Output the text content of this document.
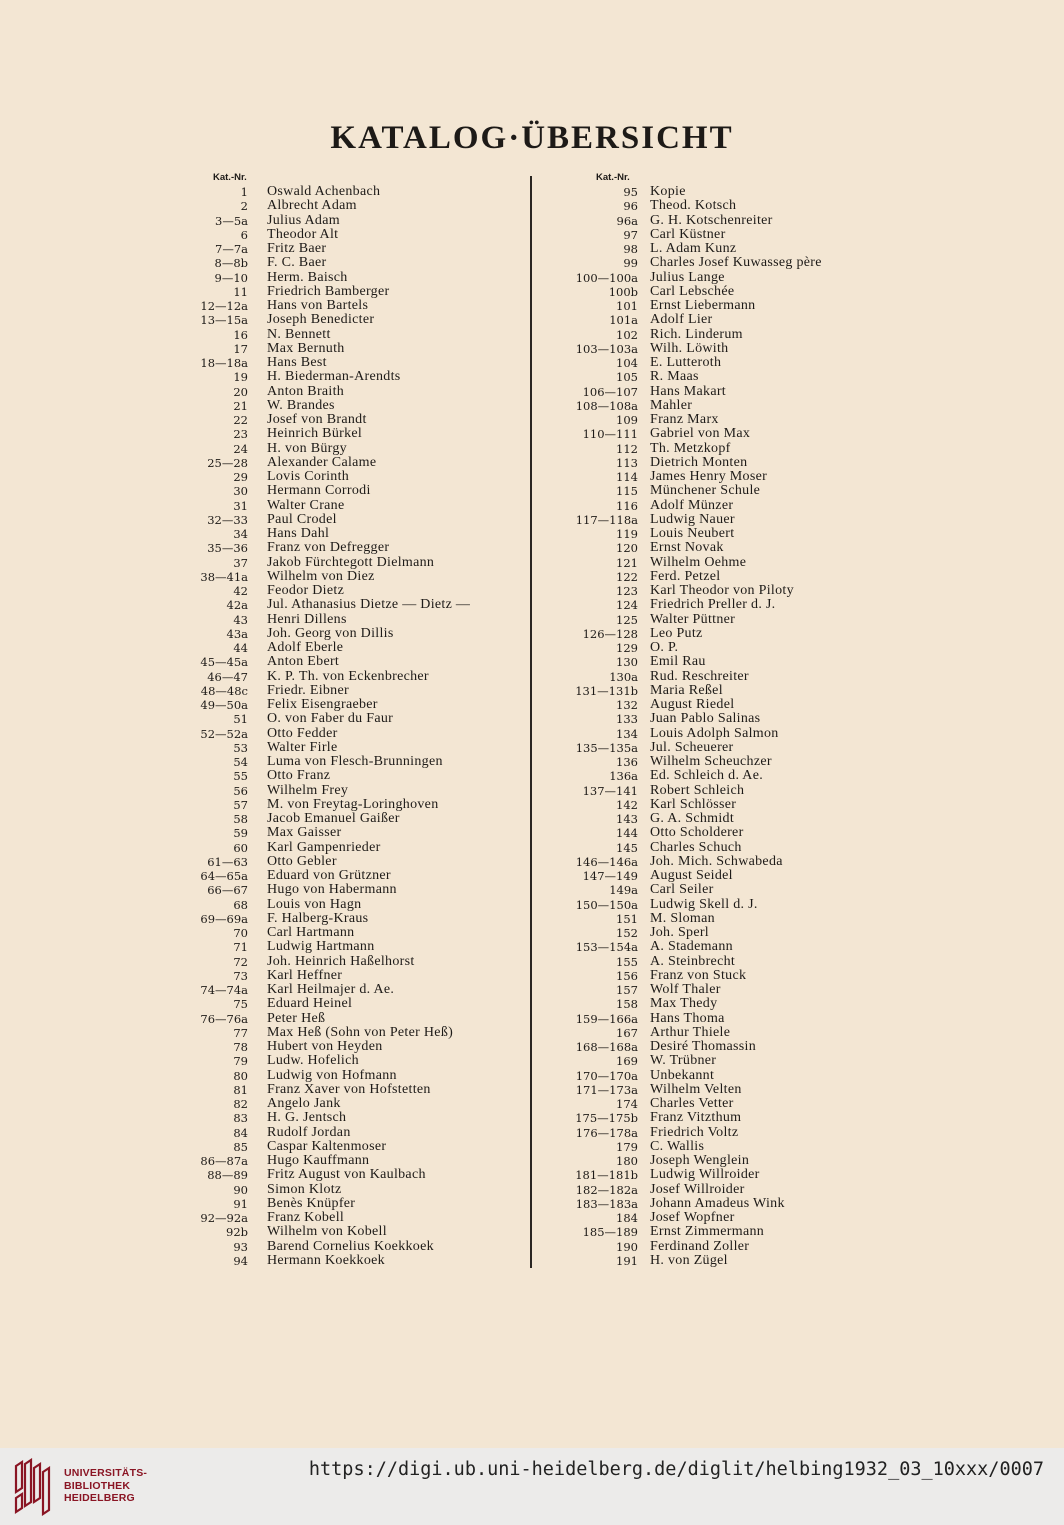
KATALOG·ÜBERSICHT
Kat.-Nr.
1	Oswald Achenbach
2	Albrecht Adam
3—5a	Julius Adam
6	Theodor Alt
7—7a	Fritz Baer
8—8b	F. C. Baer
9—10	Herm. Baisch
11	Friedrich Bamberger
12—12a	Hans von Bartels
13—15a	Joseph Benedicter
16	N. Bennett
17	Max Bernuth
18—18a	Hans Best
19	H. Biederman-Arendts
20	Anton Braith
21	W. Brandes
22	Josef von Brandt
23	Heinrich Bürkel
24	H. von Bürgy
25—28	Alexander Calame
29	Lovis Corinth
30	Hermann Corrodi
31	Walter Crane
32—33	Paul Crodel
34	Hans Dahl
35—36	Franz von Defregger
37	Jakob Fürchtegott Dielmann
38—41a	Wilhelm von Diez
42	Feodor Dietz
42a	Jul. Athanasius Dietze — Dietz —
43	Henri Dillens
43a	Joh. Georg von Dillis
44	Adolf Eberle
45—45a	Anton Ebert
46—47	K. P. Th. von Eckenbrecher
48—48c	Friedr. Eibner
49—50a	Felix Eisengraeber
51	O. von Faber du Faur
52—52a	Otto Fedder
53	Walter Firle
54	Luma von Flesch-Brunningen
55	Otto Franz
56	Wilhelm Frey
57	M. von Freytag-Loringhoven
58	Jacob Emanuel Gaißer
59	Max Gaisser
60	Karl Gampenrieder
61—63	Otto Gebler
64—65a	Eduard von Grützner
66—67	Hugo von Habermann
68	Louis von Hagn
69—69a	F. Halberg-Kraus
70	Carl Hartmann
71	Ludwig Hartmann
72	Joh. Heinrich Haßelhorst
73	Karl Heffner
74—74a	Karl Heilmajer d. Ae.
75	Eduard Heinel
76—76a	Peter Heß
77	Max Heß (Sohn von Peter Heß)
78	Hubert von Heyden
79	Ludw. Hofelich
80	Ludwig von Hofmann
81	Franz Xaver von Hofstetten
82	Angelo Jank
83	H. G. Jentsch
84	Rudolf Jordan
85	Caspar Kaltenmoser
86—87a	Hugo Kauffmann
88—89	Fritz August von Kaulbach
90	Simon Klotz
91	Benès Knüpfer
92—92a	Franz Kobell
92b	Wilhelm von Kobell
93	Barend Cornelius Koekkoek
94	Hermann Koekkoek
Kat.-Nr.
95 Kopie
96 Theod. Kotsch
96a G. H. Kotschenreiter
97 Carl Küstner
98 L. Adam Kunz
99 Charles Josef Kuwasseg père
100—100a Julius Lange
100b Carl Lebschée
101 Ernst Liebermann
101a Adolf Lier
102 Rich. Linderum
103—103a Wilh. Löwith
104 E. Lutteroth
105 R. Maas
106—107 Hans Makart
108—108a Mahler
109 Franz Marx
110—111 Gabriel von Max
112 Th. Metzkopf
113 Dietrich Monten
114 James Henry Moser
115 Münchener Schule
116 Adolf Münzer
117—118a Ludwig Nauer
119 Louis Neubert
120 Ernst Novak
121 Wilhelm Oehme
122 Ferd. Petzel
123 Karl Theodor von Piloty
124 Friedrich Preller d. J.
125 Walter Püttner
126—128 Leo Putz
129 O. P.
130 Emil Rau
130a Rud. Reschreiter
131—131b Maria Reßel
132 August Riedel
133 Juan Pablo Salinas
134 Louis Adolph Salmon
135—135a Jul. Scheuerer
136 Wilhelm Scheuchzer
136a Ed. Schleich d. Ae.
137—141 Robert Schleich
142 Karl Schlösser
143 G. A. Schmidt
144 Otto Scholderer
145 Charles Schuch
146—146a Joh. Mich. Schwabeda
147—149 August Seidel
149a Carl Seiler
150—150a Ludwig Skell d. J.
151 M. Sloman
152 Joh. Sperl
153—154a A. Stademann
155 A. Steinbrecht
156 Franz von Stuck
157 Wolf Thaler
158 Max Thedy
159—166a Hans Thoma
167 Arthur Thiele
168—168a Desiré Thomassin
169 W. Trübner
170—170a Unbekannt
171—173a Wilhelm Velten
174 Charles Vetter
175—175b Franz Vitzthum
176—178a Friedrich Voltz
179 C. Wallis
180 Joseph Wenglein
181—181b Ludwig Willroider
182—182a Josef Willroider
183—183a Johann Amadeus Wink
184 Josef Wopfner
185—189 Ernst Zimmermann
190 Ferdinand Zoller
191 H. von Zügel
UNIVERSITÄTS-
BIBLIOTHEK
HEIDELBERG
https://digi.ub.uni-heidelberg.de/diglit/helbing1932_03_10xxx/0007
